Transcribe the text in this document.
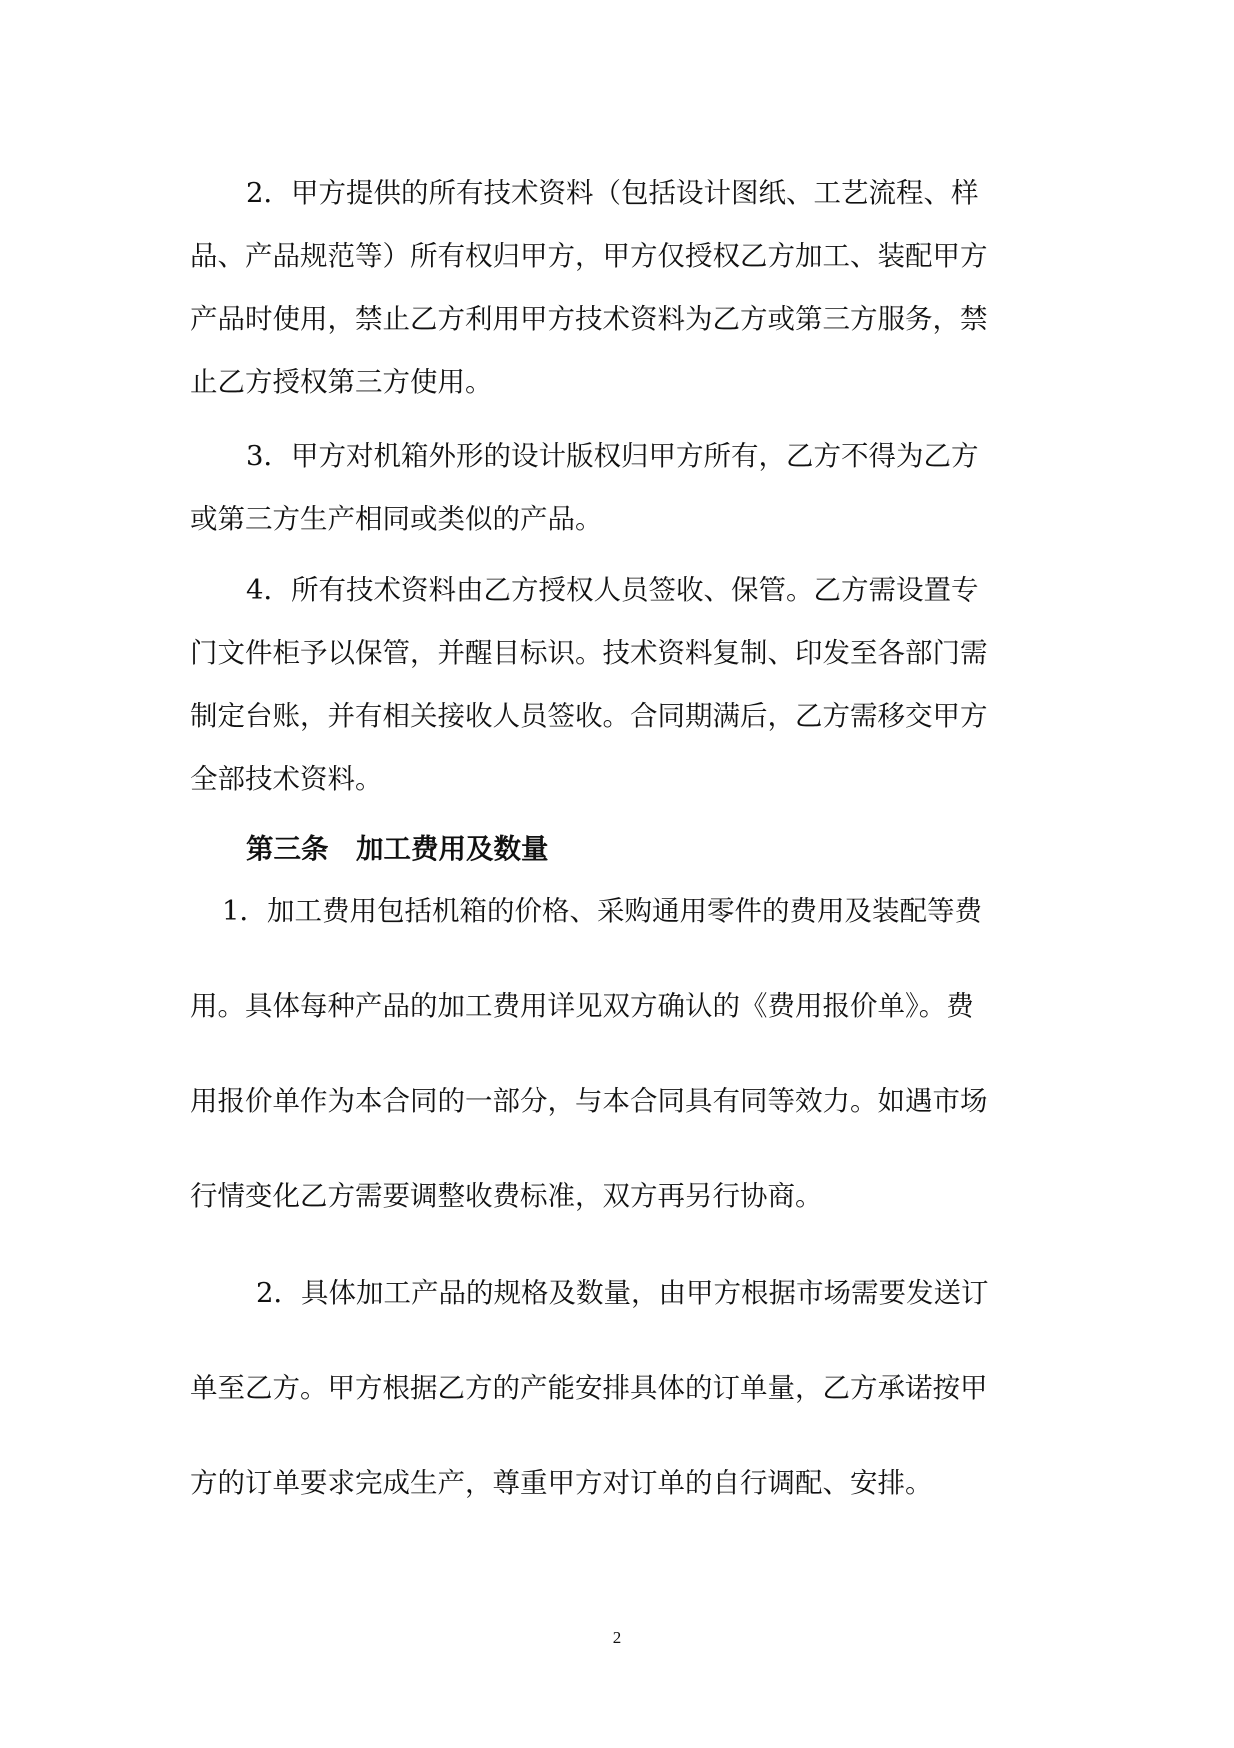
2．甲方提供的所有技术资料（包括设计图纸、工艺流程、样

品、产品规范等）所有权归甲方，甲方仅授权乙方加工、装配甲方

产品时使用，禁止乙方利用甲方技术资料为乙方或第三方服务，禁

止乙方授权第三方使用。

3．甲方对机箱外形的设计版权归甲方所有，乙方不得为乙方

或第三方生产相同或类似的产品。

4．所有技术资料由乙方授权人员签收、保管。乙方需设置专

门文件柜予以保管，并醒目标识。技术资料复制、印发至各部门需

制定台账，并有相关接收人员签收。合同期满后，乙方需移交甲方

全部技术资料。

第三条　加工费用及数量

1．加工费用包括机箱的价格、采购通用零件的费用及装配等费

用。具体每种产品的加工费用详见双方确认的《费用报价单》。费

用报价单作为本合同的一部分，与本合同具有同等效力。如遇市场

行情变化乙方需要调整收费标准，双方再另行协商。

2．具体加工产品的规格及数量，由甲方根据市场需要发送订

单至乙方。甲方根据乙方的产能安排具体的订单量，乙方承诺按甲

方的订单要求完成生产，尊重甲方对订单的自行调配、安排。

2
